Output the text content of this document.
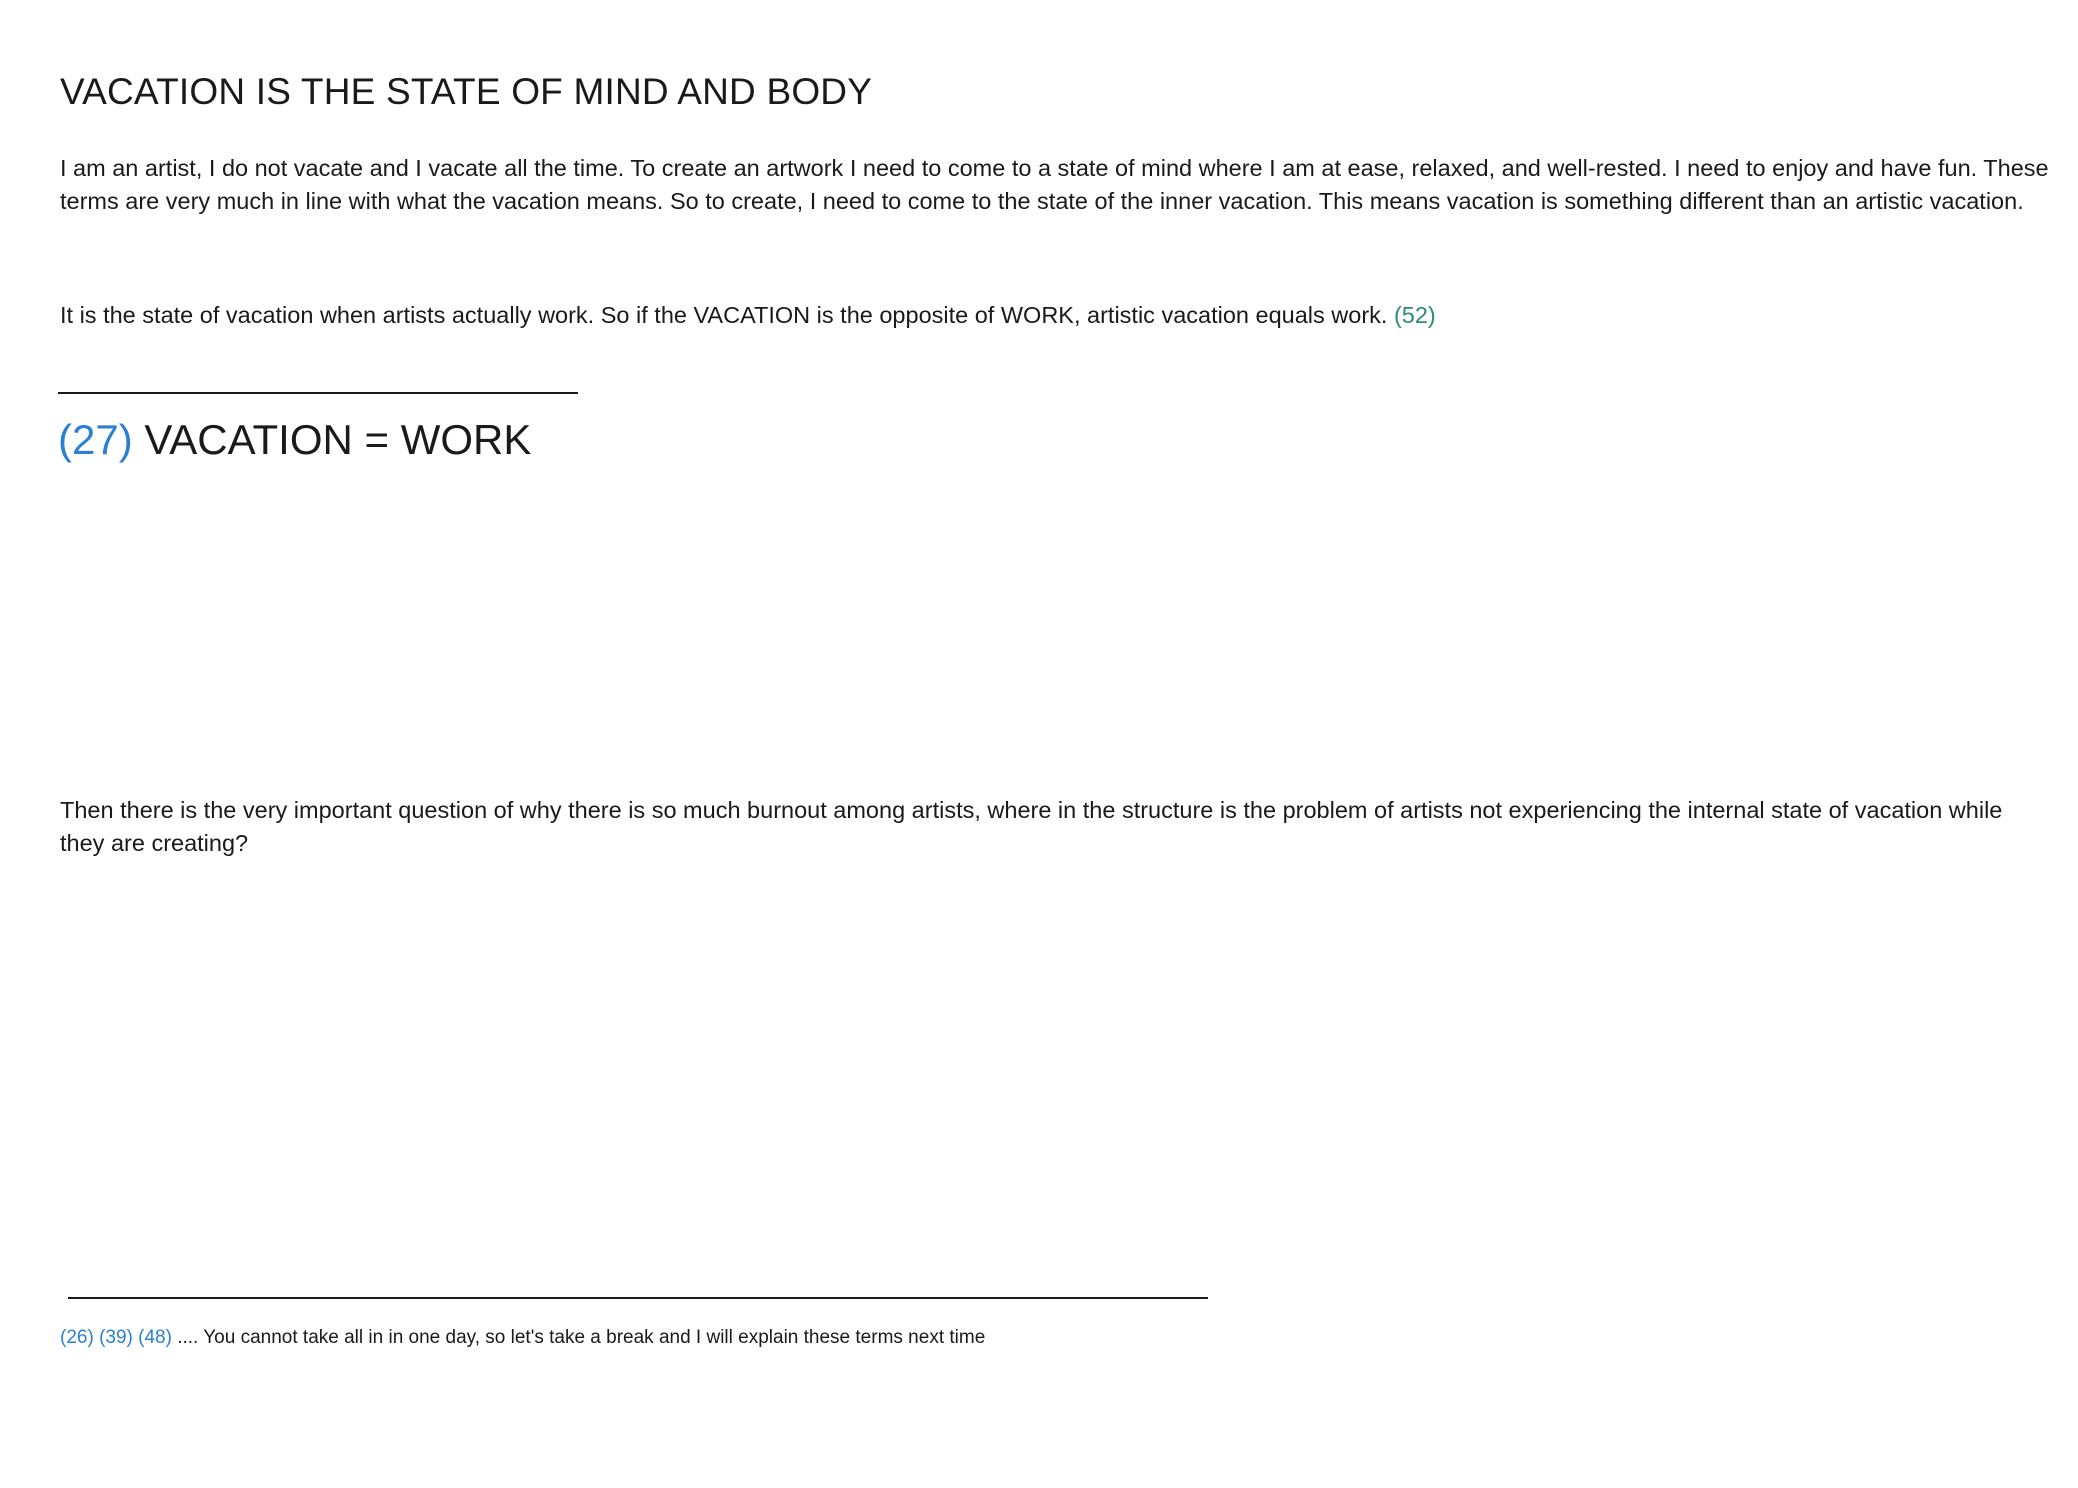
VACATION IS THE STATE OF MIND AND BODY

I am an artist, I do not vacate and I vacate all the time. To create an artwork I need to come to a state of mind where I am at ease, relaxed, and well-rested. I need to enjoy and have fun. These terms are very much in line with what the vacation means. So to create, I need to come to the state of the inner vacation. This means vacation is something different than an artistic vacation.

It is the state of vacation when artists actually work. So if the VACATION is the opposite of WORK, artistic vacation equals work. (52)

(27) VACATION = WORK

Then there is the very important question of why there is so much burnout among artists, where in the structure is the problem of artists not experiencing the internal state of vacation while they are creating?

(26) (39) (48) .... You cannot take all in in one day, so let's take a break and I will explain these terms next time
